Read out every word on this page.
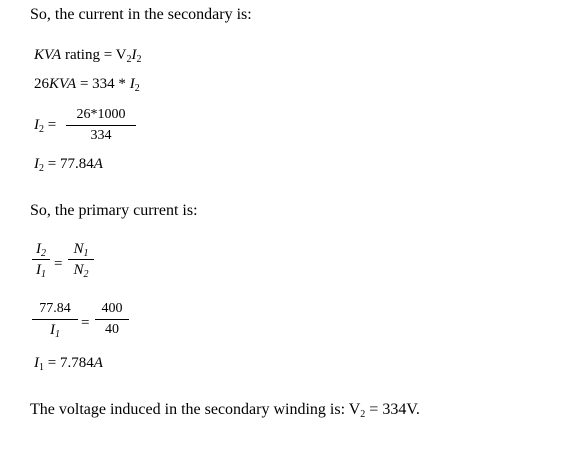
So, the current in the secondary is:
KVA rating = $V_2I_2$
$26KVA = 334 * I_2$
$I_2$ =
26*1000
334
$I_2 = 77.84A$
So, the primary current is:
$I_2$
$I_1$
=
$N_1$
$N_2$
77.84
$I_1$
=
400
40
$I_1 = 7.784A$
The voltage induced in the secondary winding is: $V_2 = 334V$.
